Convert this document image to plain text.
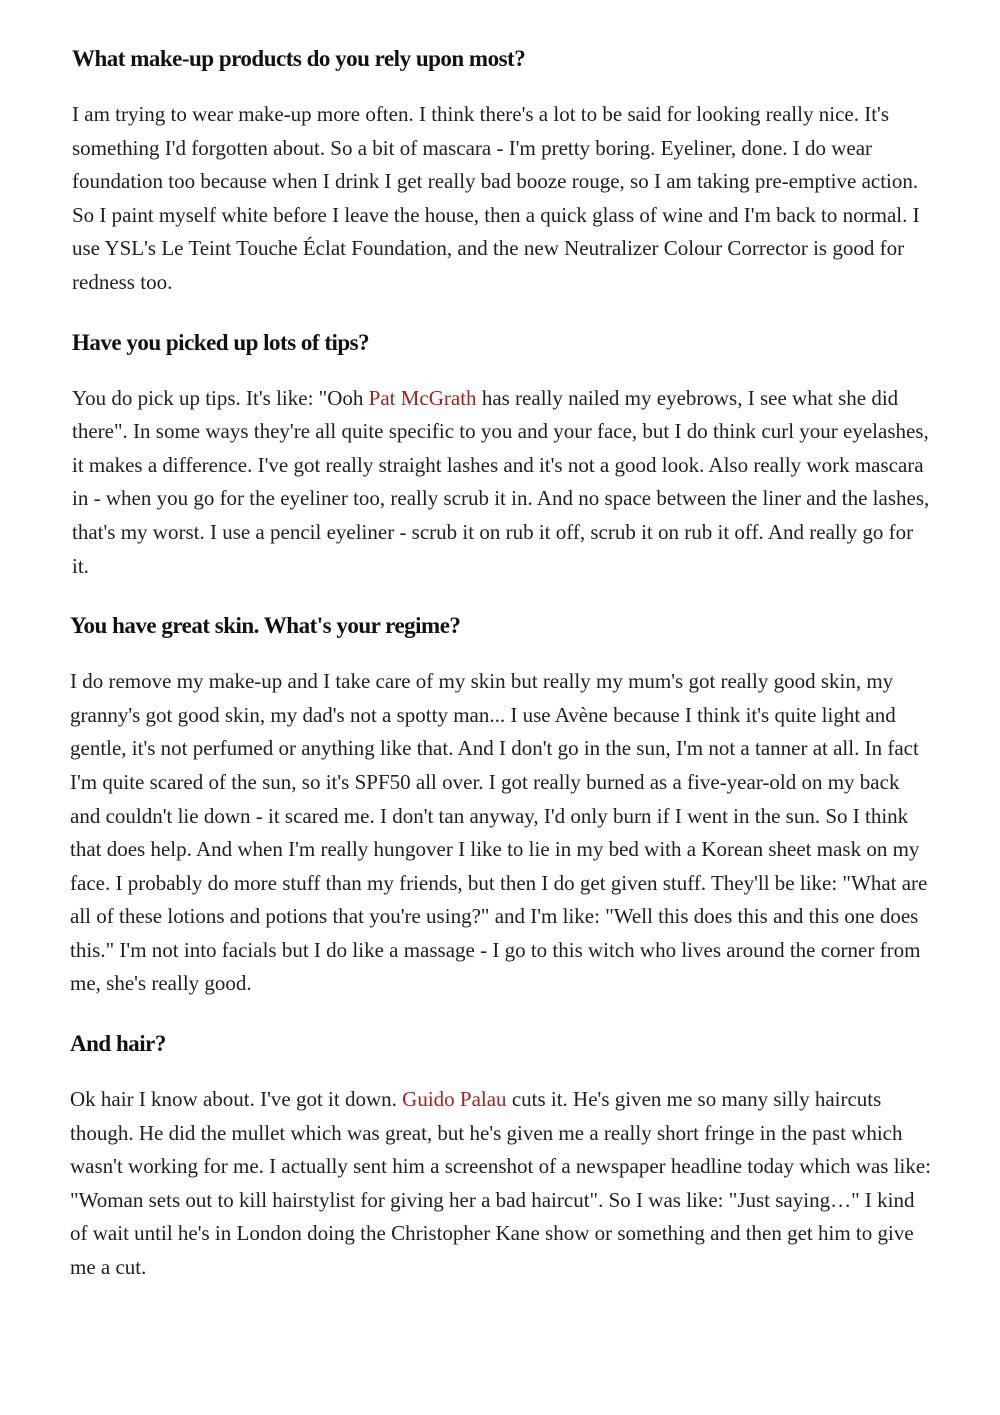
What make-up products do you rely upon most?

I am trying to wear make-up more often. I think there's a lot to be said for looking really nice. It's something I'd forgotten about. So a bit of mascara - I'm pretty boring. Eyeliner, done. I do wear foundation too because when I drink I get really bad booze rouge, so I am taking pre-emptive action. So I paint myself white before I leave the house, then a quick glass of wine and I'm back to normal. I use YSL's Le Teint Touche Éclat Foundation, and the new Neutralizer Colour Corrector is good for redness too.

Have you picked up lots of tips?

You do pick up tips. It's like: "Ooh Pat McGrath has really nailed my eyebrows, I see what she did there". In some ways they're all quite specific to you and your face, but I do think curl your eyelashes, it makes a difference. I've got really straight lashes and it's not a good look. Also really work mascara in - when you go for the eyeliner too, really scrub it in. And no space between the liner and the lashes, that's my worst. I use a pencil eyeliner - scrub it on rub it off, scrub it on rub it off. And really go for it.

You have great skin. What's your regime?

I do remove my make-up and I take care of my skin but really my mum's got really good skin, my granny's got good skin, my dad's not a spotty man... I use Avène because I think it's quite light and gentle, it's not perfumed or anything like that. And I don't go in the sun, I'm not a tanner at all. In fact I'm quite scared of the sun, so it's SPF50 all over. I got really burned as a five-year-old on my back and couldn't lie down - it scared me. I don't tan anyway, I'd only burn if I went in the sun. So I think that does help. And when I'm really hungover I like to lie in my bed with a Korean sheet mask on my face. I probably do more stuff than my friends, but then I do get given stuff. They'll be like: "What are all of these lotions and potions that you're using?" and I'm like: "Well this does this and this one does this." I'm not into facials but I do like a massage - I go to this witch who lives around the corner from me, she's really good.

And hair?

Ok hair I know about. I've got it down. Guido Palau cuts it. He's given me so many silly haircuts though. He did the mullet which was great, but he's given me a really short fringe in the past which wasn't working for me. I actually sent him a screenshot of a newspaper headline today which was like: "Woman sets out to kill hairstylist for giving her a bad haircut". So I was like: "Just saying…" I kind of wait until he's in London doing the Christopher Kane show or something and then get him to give me a cut.
